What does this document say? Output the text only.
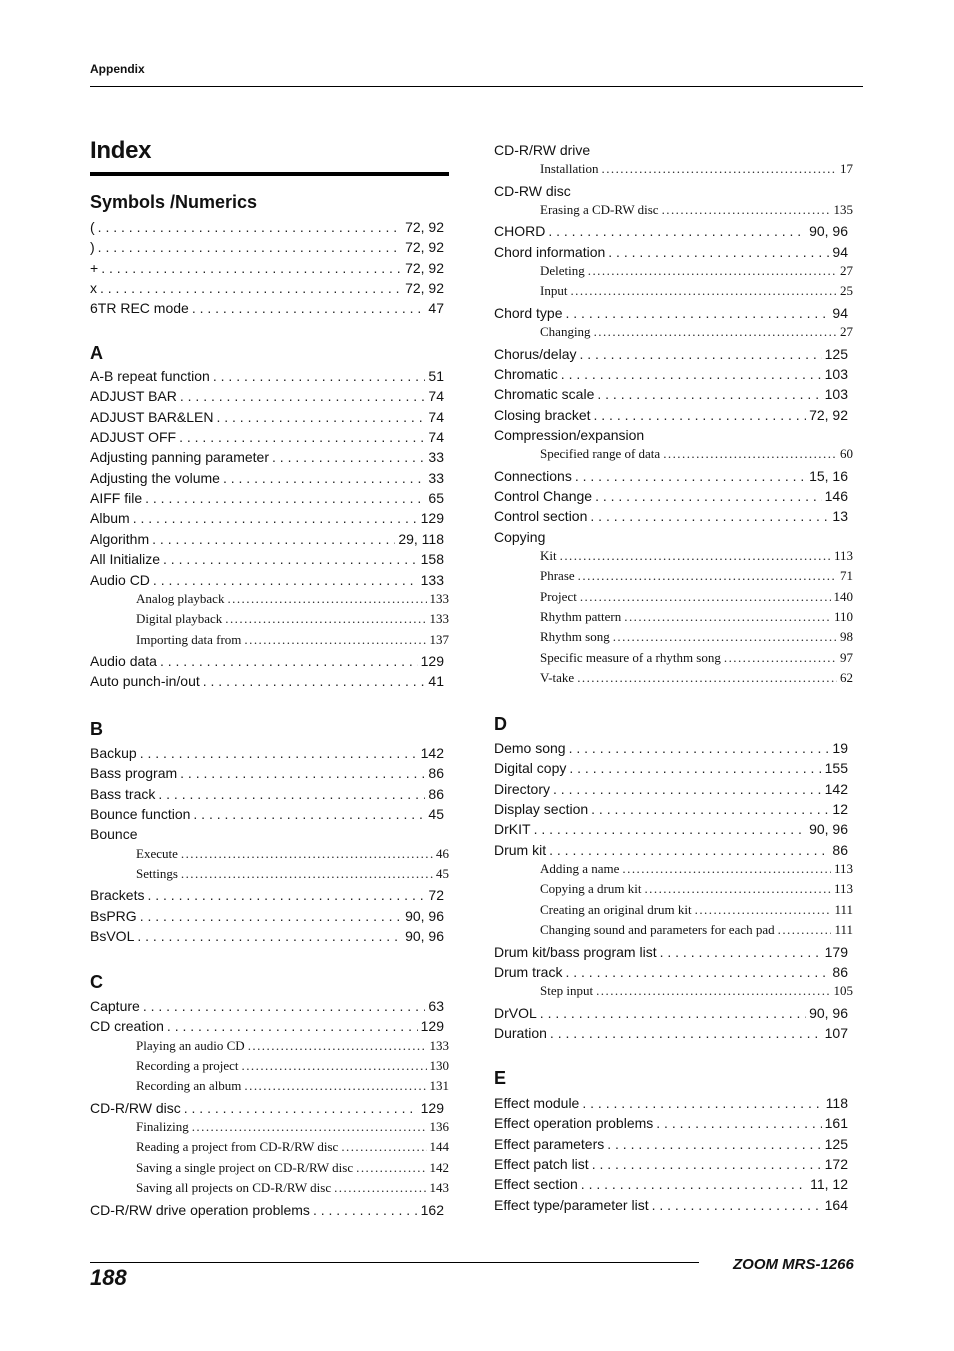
Appendix
Index
Symbols /Numerics
( . . .	72, 92
) . . .	72, 92
+ . . .	72, 92
x . . .	72, 92
6TR REC mode . . .	47
A
A-B repeat function . . .	51
ADJUST BAR . . .	74
ADJUST BAR&LEN . . .	74
ADJUST OFF . . .	74
Adjusting panning parameter . . .	33
Adjusting the volume . . .	33
AIFF file . . .	65
Album . . .	129
Algorithm . . .	29, 118
All Initialize . . .	158
Audio CD . . .	133
Analog playback . . .	133
Digital playback . . .	133
Importing data from . . .	137
Audio data . . .	129
Auto punch-in/out . . .	41
B
Backup . . .	142
Bass program . . .	86
Bass track . . .	86
Bounce function . . .	45
Bounce
Execute . . .	46
Settings . . .	45
Brackets . . .	72
BsPRG . . .	90, 96
BsVOL . . .	90, 96
C
Capture . . .	63
CD creation . . .	129
Playing an audio CD . . .	133
Recording a project . . .	130
Recording an album . . .	131
CD-R/RW disc . . .	129
Finalizing . . .	136
Reading a project from CD-R/RW disc . . .	144
Saving a single project on CD-R/RW disc . . .	142
Saving all projects on CD-R/RW disc . . .	143
CD-R/RW drive operation problems . . .	162
CD-R/RW drive
Installation . . .	17
CD-RW disc
Erasing a CD-RW disc . . .	135
CHORD . . .	90, 96
Chord information . . .	94
Deleting . . .	27
Input . . .	25
Chord type . . .	94
Changing . . .	27
Chorus/delay . . .	125
Chromatic . . .	103
Chromatic scale . . .	103
Closing bracket . . .	72, 92
Compression/expansion
Specified range of data . . .	60
Connections . . .	15, 16
Control Change . . .	146
Control section . . .	13
Copying
Kit . . .	113
Phrase . . .	71
Project . . .	140
Rhythm pattern . . .	110
Rhythm song . . .	98
Specific measure of a rhythm song . . .	97
V-take . . .	62
D
Demo song . . .	19
Digital copy . . .	155
Directory . . .	142
Display section . . .	12
DrKIT . . .	90, 96
Drum kit . . .	86
Adding a name . . .	113
Copying a drum kit . . .	113
Creating an original drum kit . . .	111
Changing sound and parameters for each pad . . .	111
Drum kit/bass program list . . .	179
Drum track . . .	86
Step input . . .	105
DrVOL . . .	90, 96
Duration . . .	107
E
Effect module . . .	118
Effect operation problems . . .	161
Effect parameters . . .	125
Effect patch list . . .	172
Effect section . . .	11, 12
Effect type/parameter list . . .	164
188
ZOOM MRS-1266
